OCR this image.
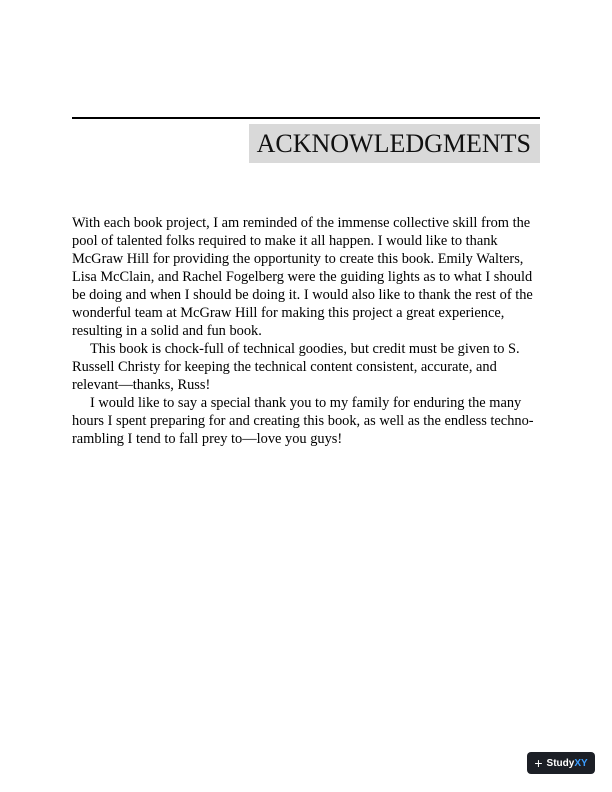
ACKNOWLEDGMENTS

With each book project, I am reminded of the immense collective skill from the pool of talented folks required to make it all happen. I would like to thank McGraw Hill for providing the opportunity to create this book. Emily Walters, Lisa McClain, and Rachel Fogelberg were the guiding lights as to what I should be doing and when I should be doing it. I would also like to thank the rest of the wonderful team at McGraw Hill for making this project a great experience, resulting in a solid and fun book.

This book is chock-full of technical goodies, but credit must be given to S. Russell Christy for keeping the technical content consistent, accurate, and relevant—thanks, Russ!

I would like to say a special thank you to my family for enduring the many hours I spent preparing for and creating this book, as well as the endless techno-rambling I tend to fall prey to—love you guys!

+ StudyXY
